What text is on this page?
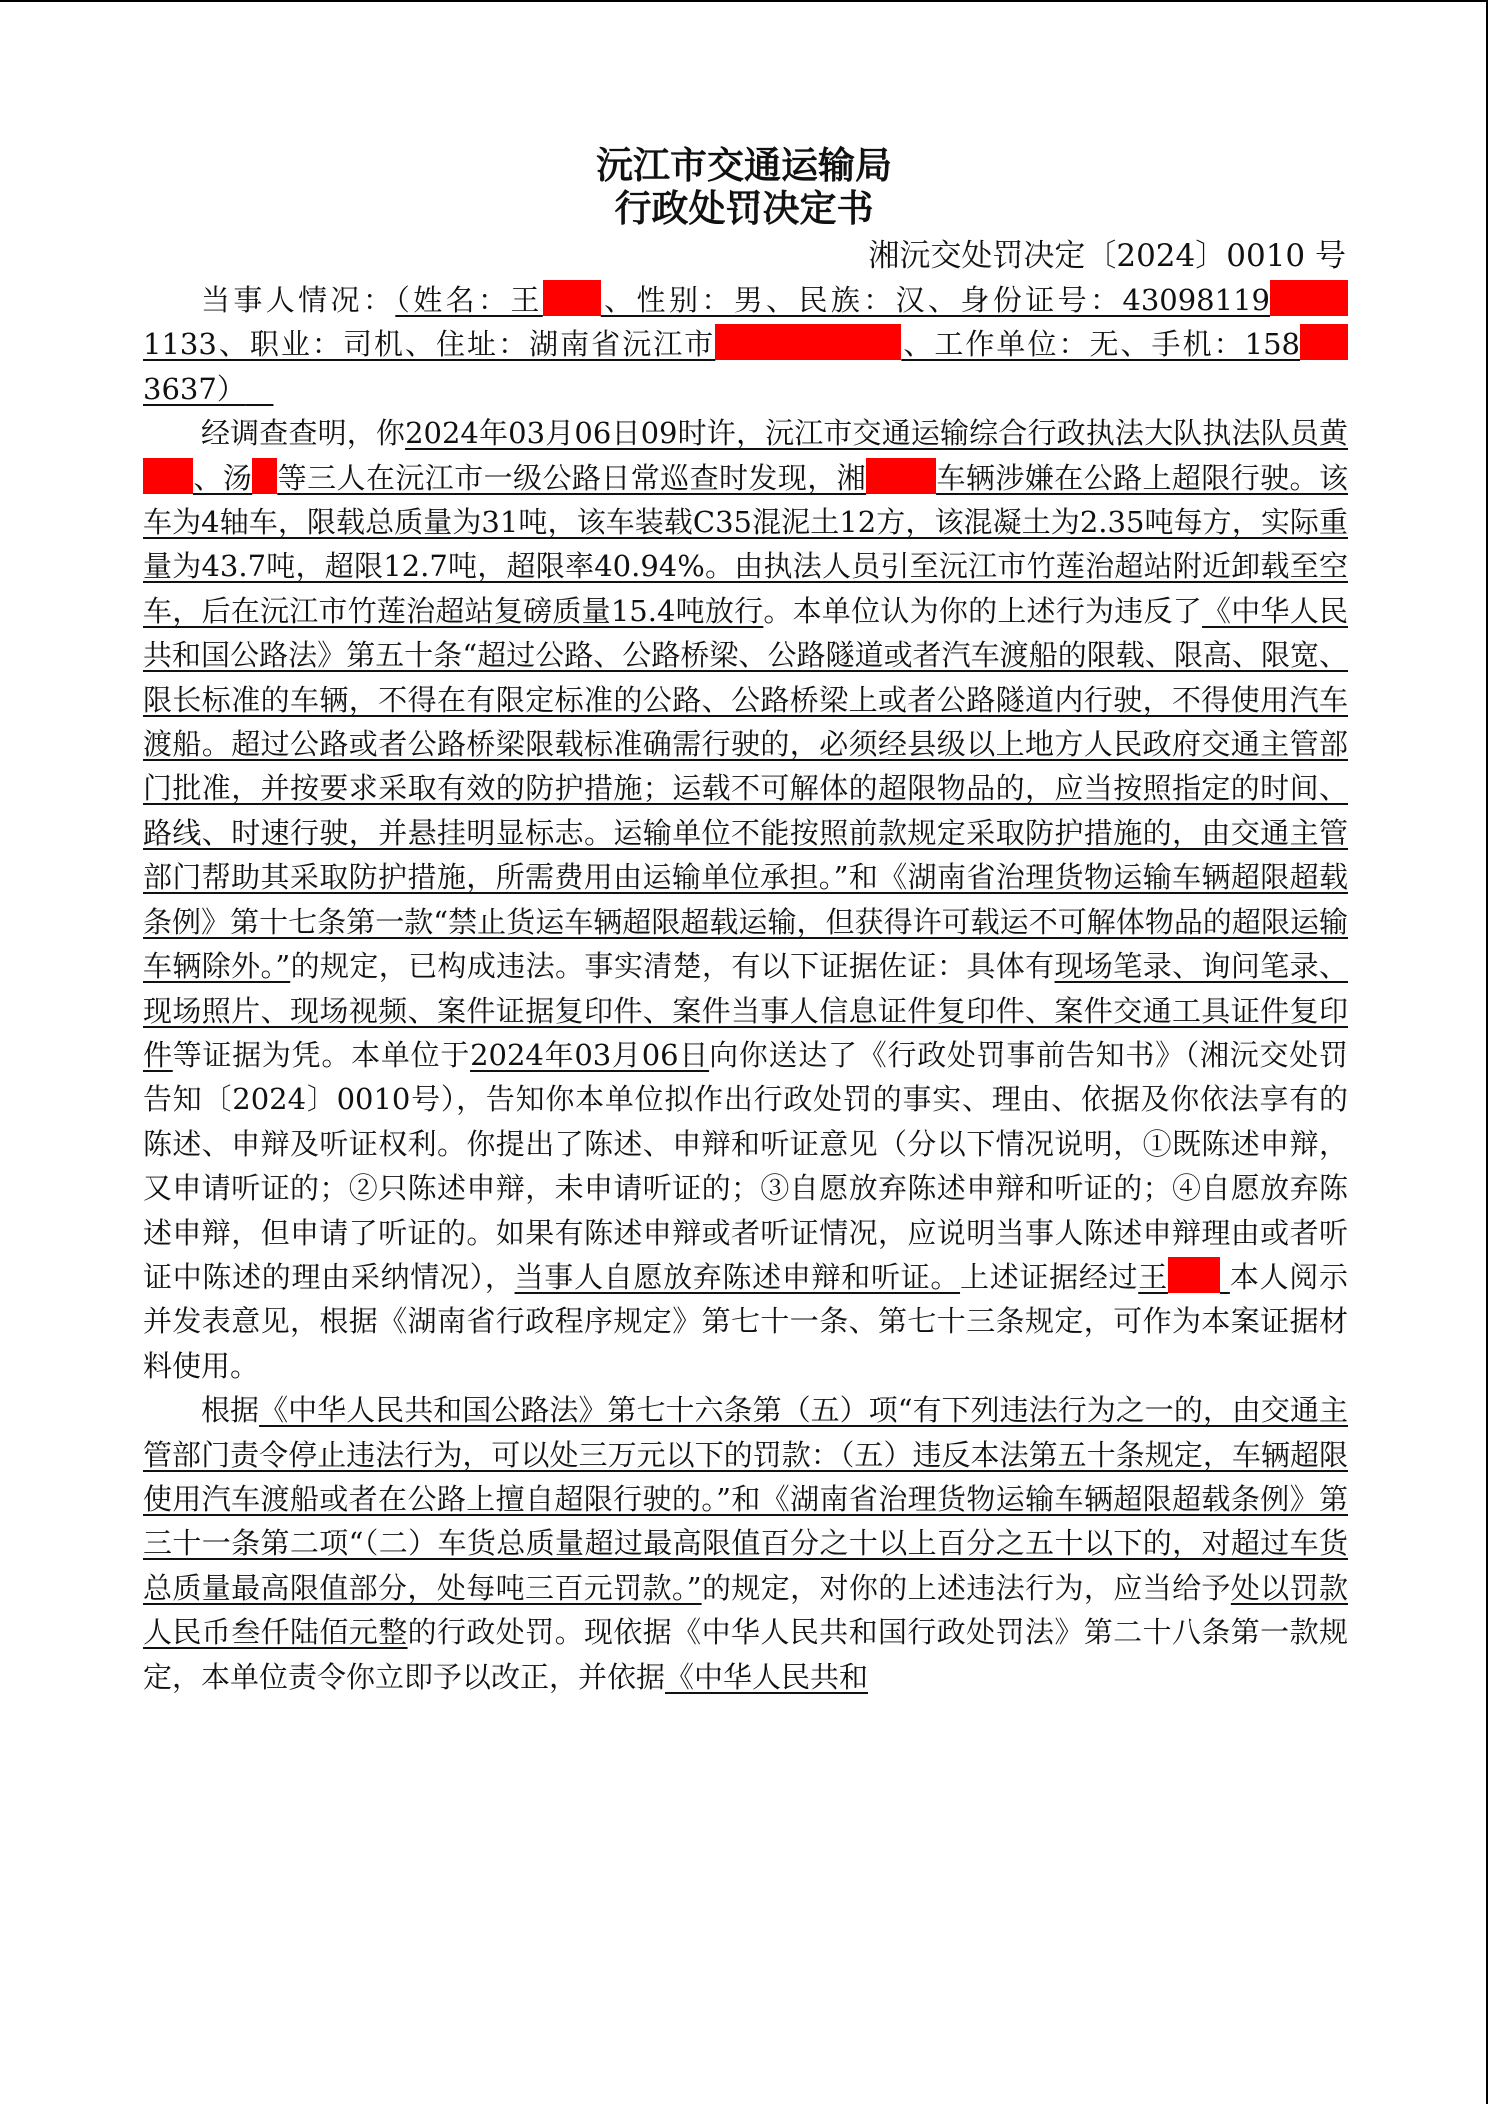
沅江市交通运输局
行政处罚决定书
湘沅交处罚决定〔2024〕0010 号

当事人情况：（姓名：王 、性别：男、民族：汉、身份证号：430981191133、职业：司机、住址：湖南省沅江市	、工作单位：无、手机：1583637）

经调查查明，你2024年03月06日09时许，沅江市交通运输综合行政执法大队执法队员黄、汤 等三人在沅江市一级公路日常巡查时发现，湘 车辆涉嫌在公路上超限行驶。该车为4轴车，限载总质量为31吨，该车装载C35混泥土12方，该混凝土为2.35吨每方，实际重量为43.7吨，超限12.7吨，超限率40.94%。由执法人员引至沅江市竹莲治超站附近卸载至空车，后在沅江市竹莲治超站复磅质量15.4吨放行。本单位认为你的上述行为违反了《中华人民共和国公路法》第五十条“超过公路、公路桥梁、公路隧道或者汽车渡船的限载、限高、限宽、限长标准的车辆，不得在有限定标准的公路、公路桥梁上或者公路隧道内行驶，不得使用汽车渡船。超过公路或者公路桥梁限载标准确需行驶的，必须经县级以上地方人民政府交通主管部门批准，并按要求采取有效的防护措施；运载不可解体的超限物品的，应当按照指定的时间、路线、时速行驶，并悬挂明显标志。运输单位不能按照前款规定采取防护措施的，由交通主管部门帮助其采取防护措施，所需费用由运输单位承担。”和《湖南省治理货物运输车辆超限超载条例》第十七条第一款“禁止货运车辆超限超载运输，但获得许可载运不可解体物品的超限运输车辆除外。”的规定，已构成违法。事实清楚，有以下证据佐证：具体有现场笔录、询问笔录、现场照片、现场视频、案件证据复印件、案件当事人信息证件复印件、案件交通工具证件复印件等证据为凭。本单位于2024年03月06日向你送达了《行政处罚事前告知书》（湘沅交处罚告知〔2024〕0010号），告知你本单位拟作出行政处罚的事实、理由、依据及你依法享有的陈述、申辩及听证权利。你提出了陈述、申辩和听证意见（分以下情况说明，①既陈述申辩，又申请听证的；②只陈述申辩，未申请听证的；③自愿放弃陈述申辩和听证的；④自愿放弃陈述申辩，但申请了听证的。如果有陈述申辩或者听证情况，应说明当事人陈述申辩理由或者听证中陈述的理由采纳情况），当事人自愿放弃陈述申辩和听证。上述证据经过王 本人阅示并发表意见，根据《湖南省行政程序规定》第七十一条、第七十三条规定，可作为本案证据材料使用。

根据《中华人民共和国公路法》第七十六条第（五）项“有下列违法行为之一的，由交通主管部门责令停止违法行为，可以处三万元以下的罚款：（五）违反本法第五十条规定，车辆超限使用汽车渡船或者在公路上擅自超限行驶的。”和《湖南省治理货物运输车辆超限超载条例》第三十一条第二项“（二）车货总质量超过最高限值百分之十以上百分之五十以下的，对超过车货总质量最高限值部分，处每吨三百元罚款。”的规定，对你的上述违法行为，应当给予处以罚款人民币叁仟陆佰元整的行政处罚。现依据《中华人民共和国行政处罚法》第二十八条第一款规定，本单位责令你立即予以改正，并依据《中华人民共和
